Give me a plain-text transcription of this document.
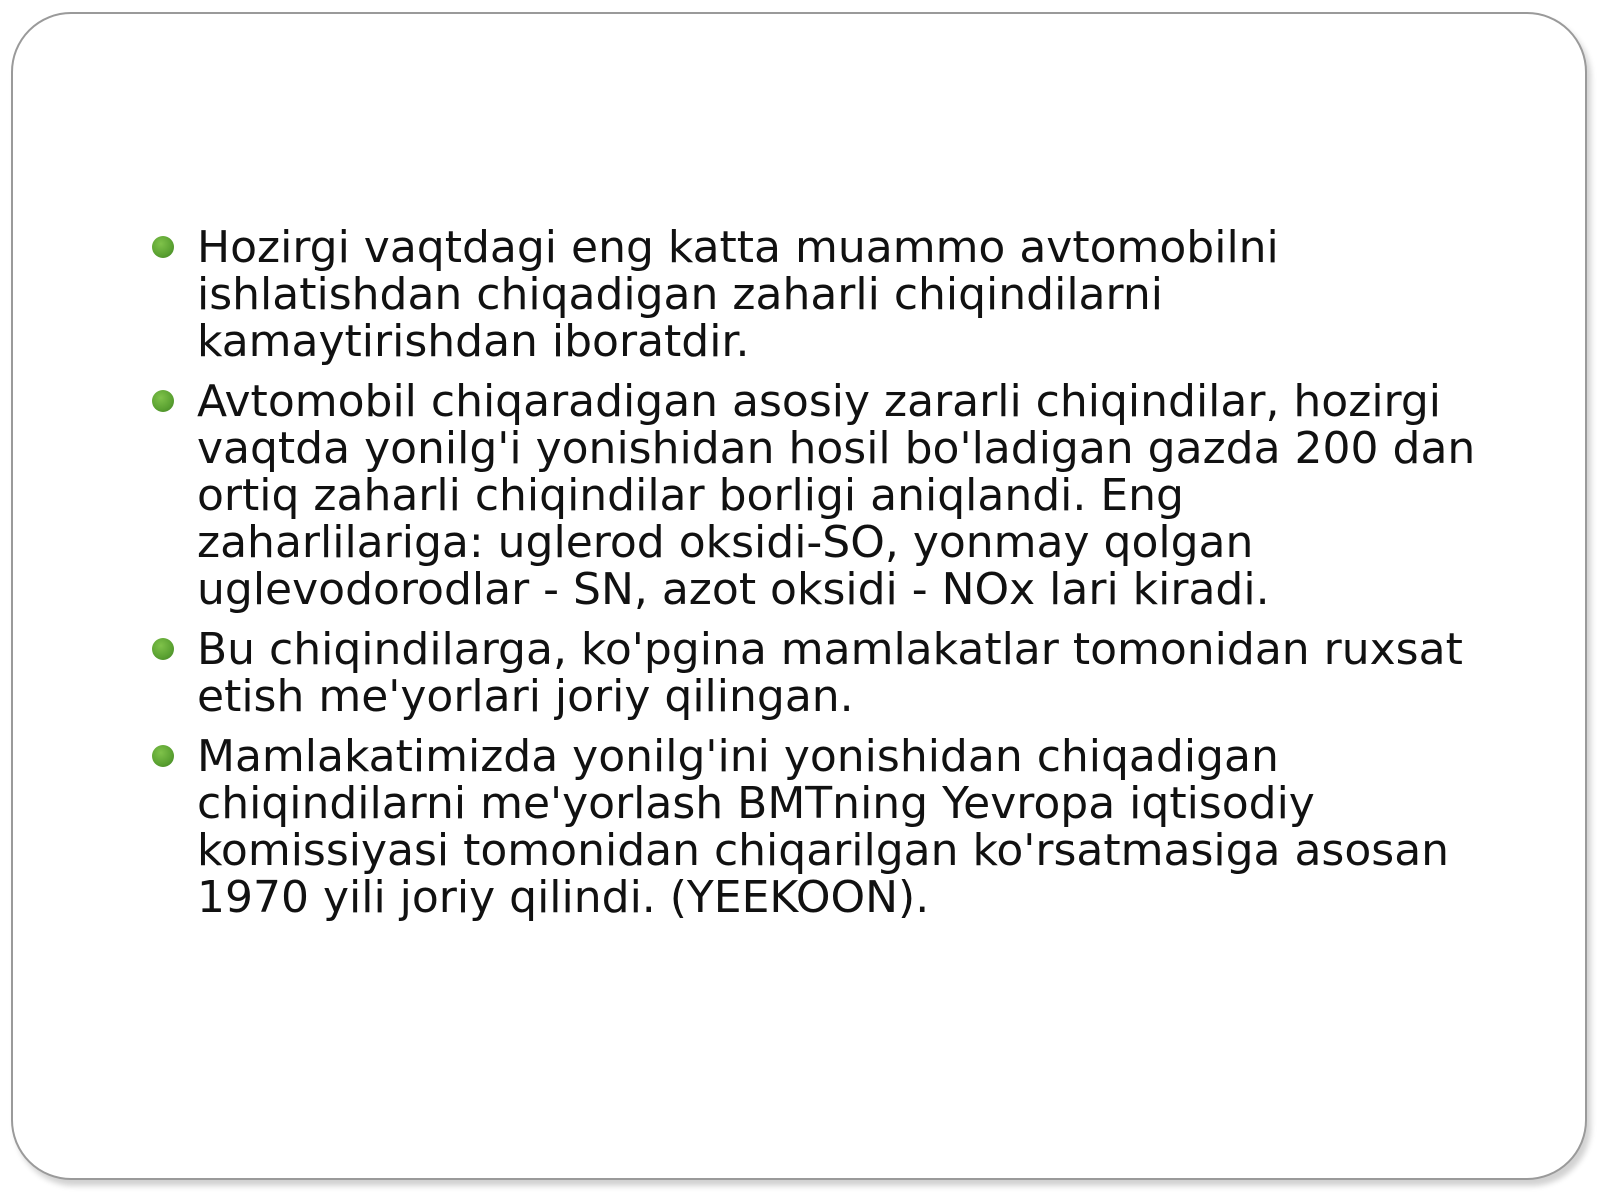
Hozirgi vaqtdagi eng katta muammo avtomobilni ishlatishdan chiqadigan zaharli chiqindilarni kamaytirishdan iboratdir.
Avtomobil chiqaradigan asosiy zararli chiqindilar, hozirgi vaqtda yonilg'i yonishidan hosil bo'ladigan gazda 200 dan ortiq zaharli chiqindilar borligi aniqlandi. Eng zaharlilariga: uglerod oksidi-SO, yonmay qolgan uglevodorodlar - SN, azot oksidi - NOx lari kiradi.
Bu chiqindilarga, ko'pgina mamlakatlar tomonidan ruxsat etish me'yorlari joriy qilingan.
Mamlakatimizda yonilg'ini yonishidan chiqadigan chiqindilarni me'yorlash BMTning Yevropa iqtisodiy komissiyasi tomonidan chiqarilgan ko'rsatmasiga asosan 1970 yili joriy qilindi. (YEEKOON).
